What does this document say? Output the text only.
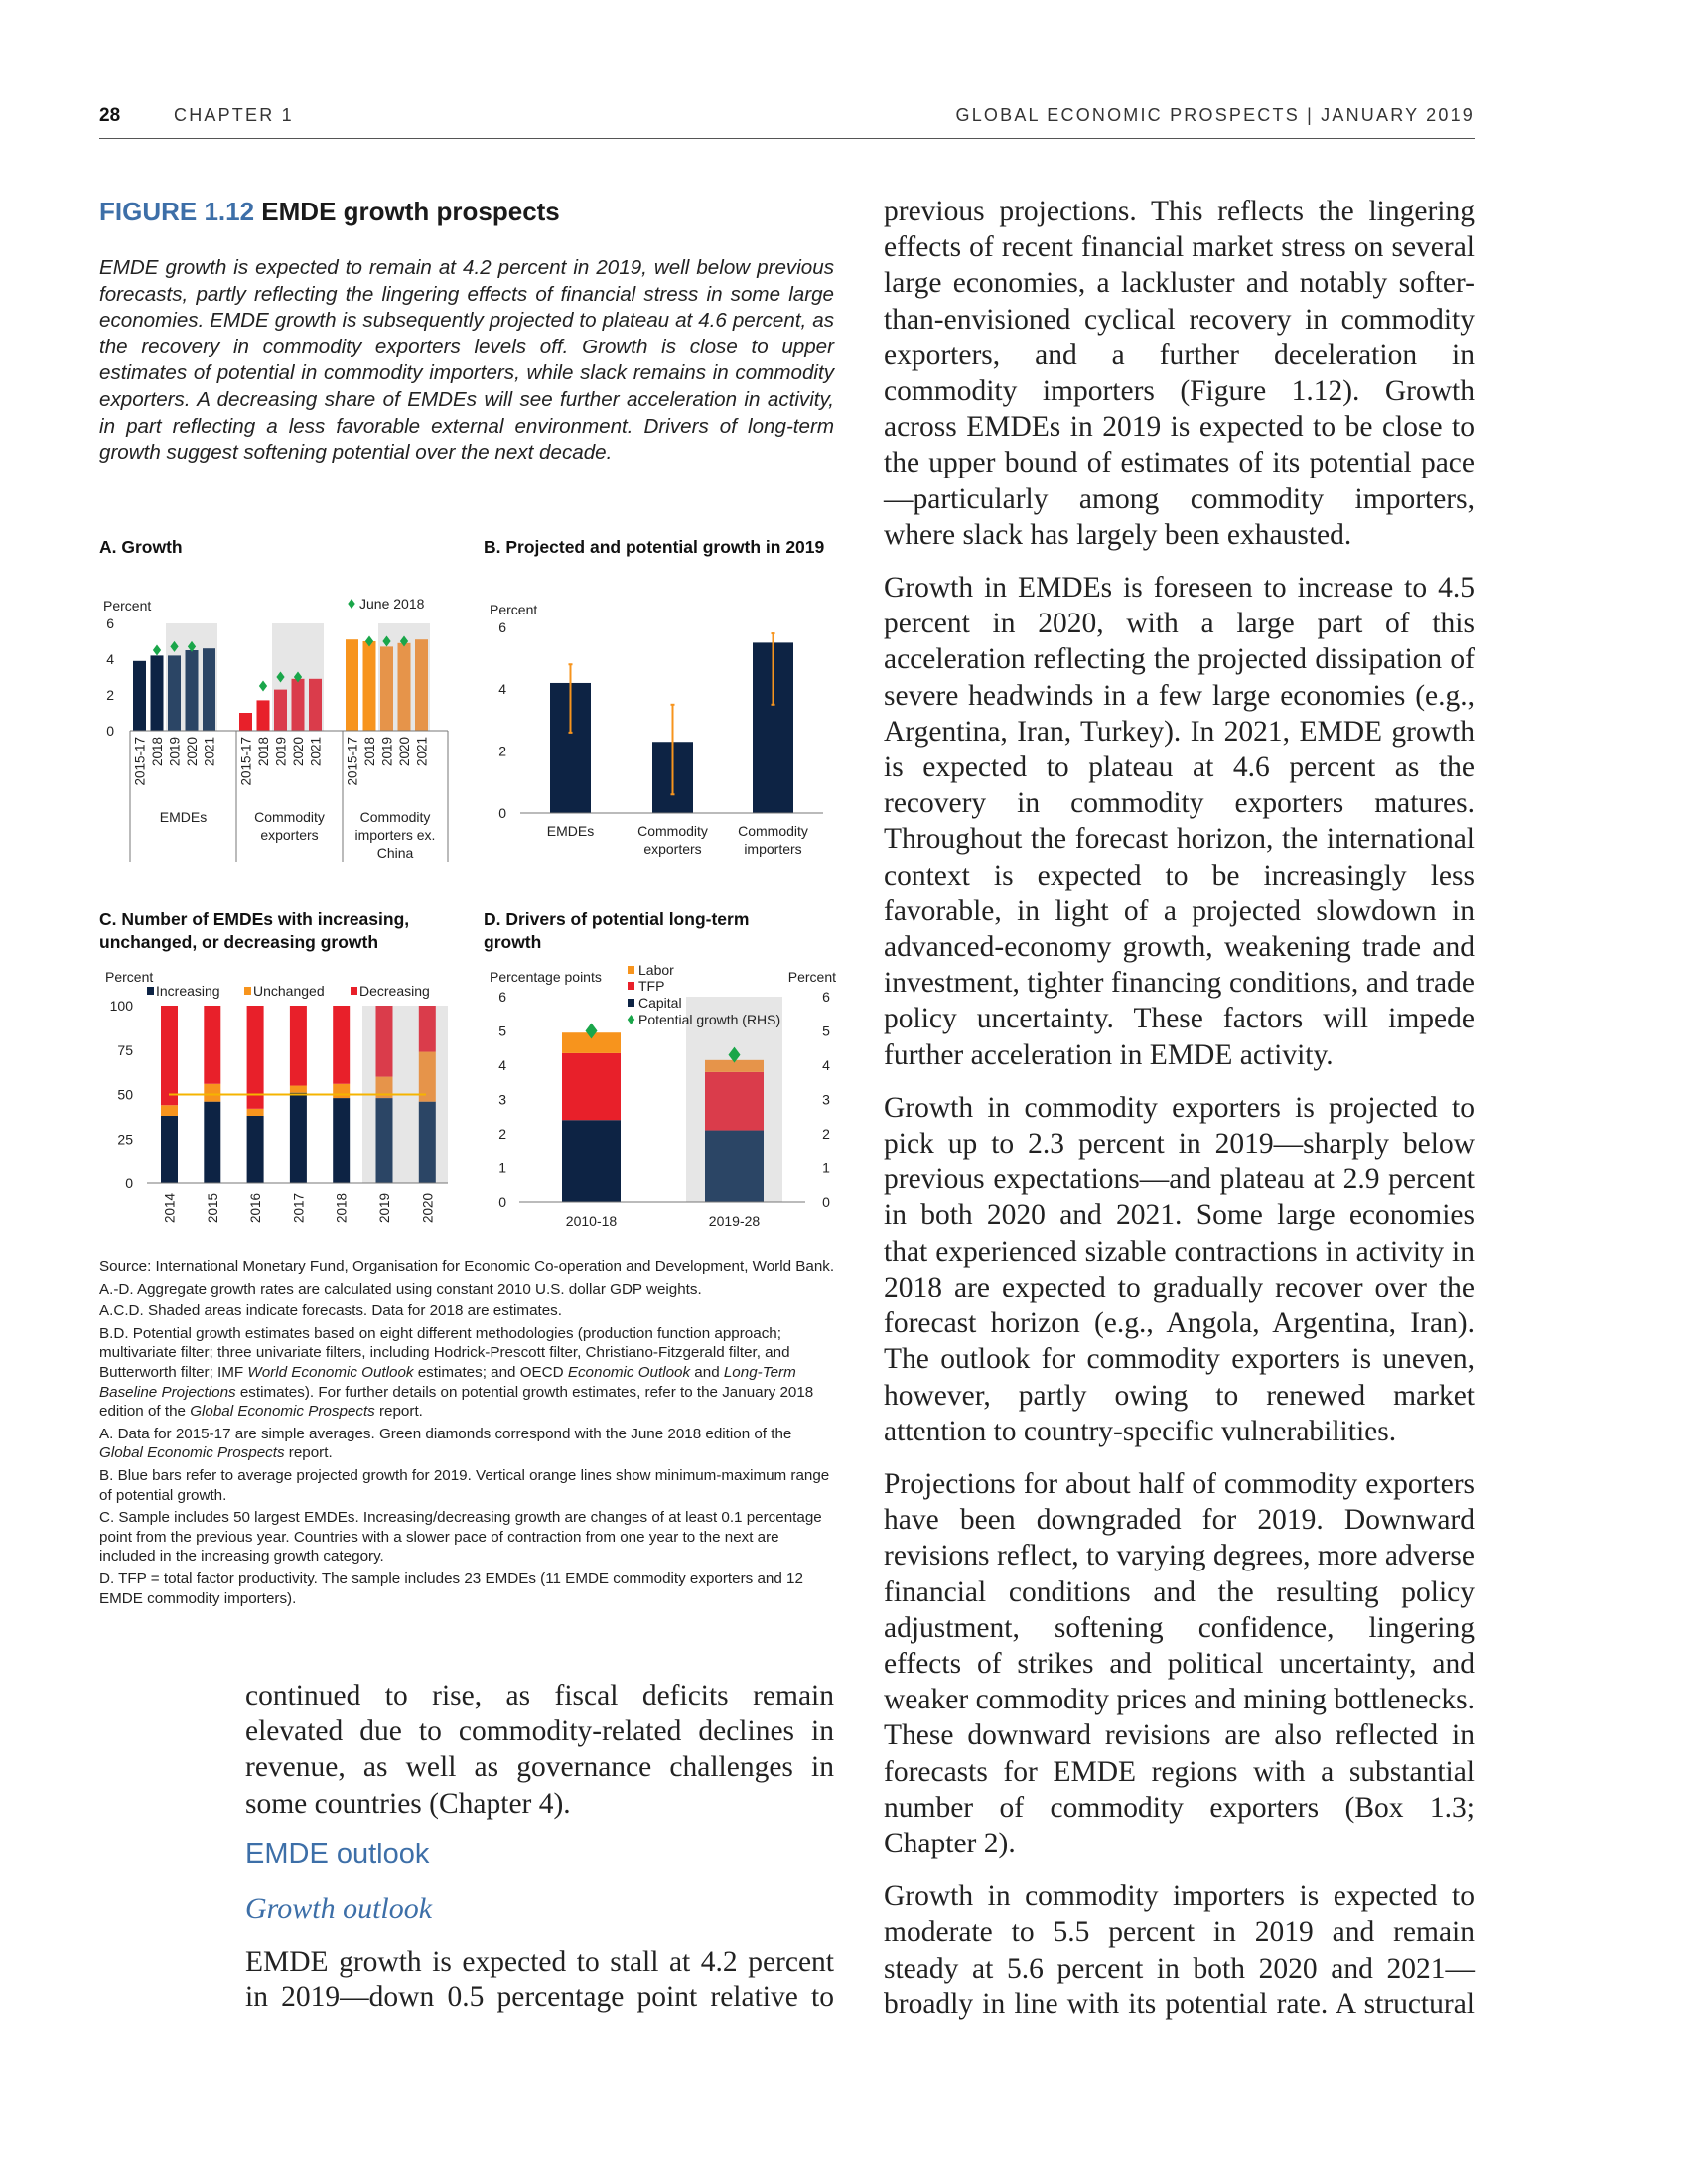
28	CHAPTER 1	GLOBAL ECONOMIC PROSPECTS | JANUARY 2019
FIGURE 1.12 EMDE growth prospects
EMDE growth is expected to remain at 4.2 percent in 2019, well below previous forecasts, partly reflecting the lingering effects of financial stress in some large economies. EMDE growth is subsequently projected to plateau at 4.6 percent, as the recovery in commodity exporters levels off. Growth is close to upper estimates of potential in commodity importers, while slack remains in commodity exporters. A decreasing share of EMDEs will see further acceleration in activity, in part reflecting a less favorable external environment. Drivers of long-term growth suggest softening potential over the next decade.
A. Growth	B. Projected and potential growth in 2019
C. Number of EMDEs with increasing, unchanged, or decreasing growth
D. Drivers of potential long-term growth
Percent	June 2018
0
2
4
6
2015-17 2018 2019 2020 2021
EMDEs
2015-17 2018 2019 2020 2021
Commodity
exporters
2015-17 2018 2019 2020 2021
Commodity
importers ex.
China
Percent
0
2
4
6
EMDEs	Commodity
exporters
Commodity
importers
Percent
Increasing Unchanged	Decreasing
0
25
50
75
100
2014 2015 2016 2017 2018 2019 2020
Percentage points	Percent
0	0
1	1
2	2
3	3
4	4
5	5
6	6
2010-18	2019-28
Labor
TFP
Capital
Potential growth (RHS)

Source: International Monetary Fund, Organisation for Economic Co-operation and Development, World Bank.

A.-D. Aggregate growth rates are calculated using constant 2010 U.S. dollar GDP weights.

A.C.D. Shaded areas indicate forecasts. Data for 2018 are estimates.

B.D. Potential growth estimates based on eight different methodologies (production function approach; multivariate filter; three univariate filters, including Hodrick-Prescott filter, Christiano-Fitzgerald filter, and Butterworth filter; IMF World Economic Outlook estimates; and OECD Economic Outlook and Long-Term Baseline Projections estimates). For further details on potential growth estimates, refer to the January 2018 edition of the Global Economic Prospects report.

A. Data for 2015-17 are simple averages. Green diamonds correspond with the June 2018 edition of the Global Economic Prospects report.

B. Blue bars refer to average projected growth for 2019. Vertical orange lines show minimum-maximum range of potential growth.

C. Sample includes 50 largest EMDEs. Increasing/decreasing growth are changes of at least 0.1 percentage point from the previous year. Countries with a slower pace of contraction from one year to the next are included in the increasing growth category.

D. TFP = total factor productivity. The sample includes 23 EMDEs (11 EMDE commodity exporters and 12 EMDE commodity importers).

continued to rise, as fiscal deficits remain elevated due to commodity-related declines in revenue, as well as governance challenges in some countries (Chapter 4).

EMDE outlook
Growth outlook

EMDE growth is expected to stall at 4.2 percent in 2019—down 0.5 percentage point relative to

previous projections. This reflects the lingering effects of recent financial market stress on several large economies, a lackluster and notably softer-than-envisioned cyclical recovery in commodity exporters, and a further deceleration in commodity importers (Figure 1.12). Growth across EMDEs in 2019 is expected to be close to the upper bound of estimates of its potential pace—particularly among commodity importers, where slack has largely been exhausted.

Growth in EMDEs is foreseen to increase to 4.5 percent in 2020, with a large part of this acceleration reflecting the projected dissipation of severe headwinds in a few large economies (e.g., Argentina, Iran, Turkey). In 2021, EMDE growth is expected to plateau at 4.6 percent as the recovery in commodity exporters matures. Throughout the forecast horizon, the international context is expected to be increasingly less favorable, in light of a projected slowdown in advanced-economy growth, weakening trade and investment, tighter financing conditions, and trade policy uncertainty. These factors will impede further acceleration in EMDE activity.

Growth in commodity exporters is projected to pick up to 2.3 percent in 2019—sharply below previous expectations—and plateau at 2.9 percent in both 2020 and 2021. Some large economies that experienced sizable contractions in activity in 2018 are expected to gradually recover over the forecast horizon (e.g., Angola, Argentina, Iran). The outlook for commodity exporters is uneven, however, partly owing to renewed market attention to country-specific vulnerabilities.

Projections for about half of commodity exporters have been downgraded for 2019. Downward revisions reflect, to varying degrees, more adverse financial conditions and the resulting policy adjustment, softening confidence, lingering effects of strikes and political uncertainty, and weaker commodity prices and mining bottlenecks. These downward revisions are also reflected in forecasts for EMDE regions with a substantial number of commodity exporters (Box 1.3; Chapter 2).

Growth in commodity importers is expected to moderate to 5.5 percent in 2019 and remain steady at 5.6 percent in both 2020 and 2021—broadly in line with its potential rate. A structural
